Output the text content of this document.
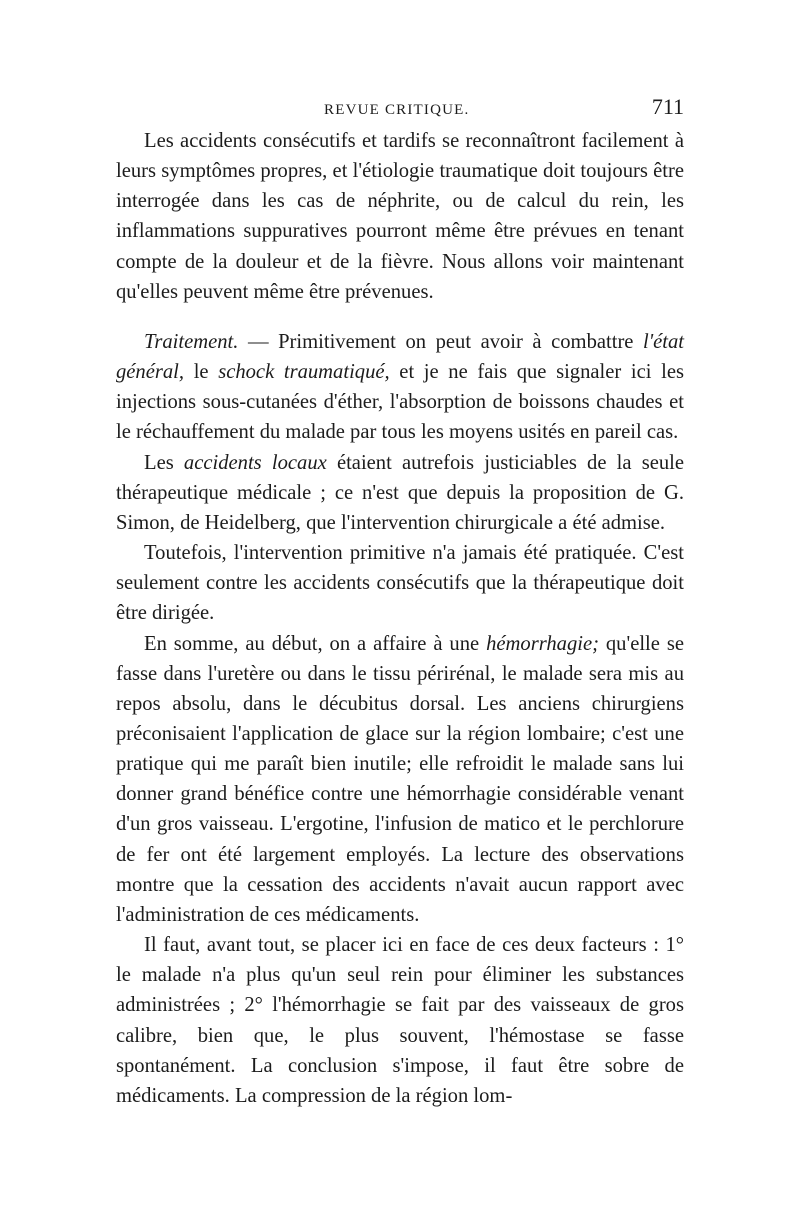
REVUE CRITIQUE.	711

Les accidents consécutifs et tardifs se reconnaîtront facilement à leurs symptômes propres, et l'étiologie traumatique doit toujours être interrogée dans les cas de néphrite, ou de calcul du rein, les inflammations suppuratives pourront même être prévues en tenant compte de la douleur et de la fièvre. Nous allons voir maintenant qu'elles peuvent même être prévenues.

Traitement. — Primitivement on peut avoir à combattre l'état général, le schock traumatiqué, et je ne fais que signaler ici les injections sous-cutanées d'éther, l'absorption de boissons chaudes et le réchauffement du malade par tous les moyens usités en pareil cas.

Les accidents locaux étaient autrefois justiciables de la seule thérapeutique médicale ; ce n'est que depuis la proposition de G. Simon, de Heidelberg, que l'intervention chirurgicale a été admise.

Toutefois, l'intervention primitive n'a jamais été pratiquée. C'est seulement contre les accidents consécutifs que la thérapeutique doit être dirigée.

En somme, au début, on a affaire à une hémorrhagie; qu'elle se fasse dans l'uretère ou dans le tissu périrénal, le malade sera mis au repos absolu, dans le décubitus dorsal. Les anciens chirurgiens préconisaient l'application de glace sur la région lombaire; c'est une pratique qui me paraît bien inutile; elle refroidit le malade sans lui donner grand bénéfice contre une hémorrhagie considérable venant d'un gros vaisseau. L'ergotine, l'infusion de matico et le perchlorure de fer ont été largement employés. La lecture des observations montre que la cessation des accidents n'avait aucun rapport avec l'administration de ces médicaments.

Il faut, avant tout, se placer ici en face de ces deux facteurs : 1° le malade n'a plus qu'un seul rein pour éliminer les substances administrées ; 2° l'hémorrhagie se fait par des vaisseaux de gros calibre, bien que, le plus souvent, l'hémostase se fasse spontanément. La conclusion s'impose, il faut être sobre de médicaments. La compression de la région lom-
